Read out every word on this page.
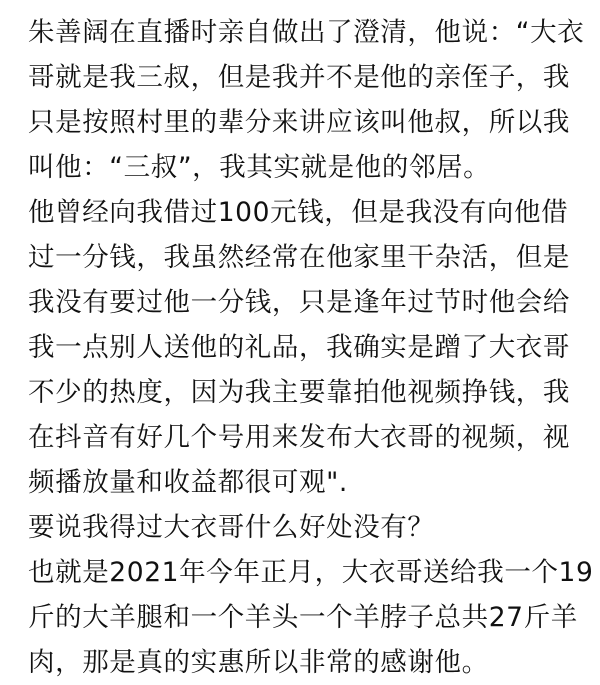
朱善阔在直播时亲自做出了澄清，他说：“大衣
哥就是我三叔，但是我并不是他的亲侄子，我
只是按照村里的辈分来讲应该叫他叔，所以我
叫他：“三叔”，我其实就是他的邻居。
他曾经向我借过100元钱，但是我没有向他借
过一分钱，我虽然经常在他家里干杂活，但是
我没有要过他一分钱，只是逢年过节时他会给
我一点别人送他的礼品，我确实是蹭了大衣哥
不少的热度，因为我主要靠拍他视频挣钱，我
在抖音有好几个号用来发布大衣哥的视频，视
频播放量和收益都很可观".
要说我得过大衣哥什么好处没有？
也就是2021年今年正月，大衣哥送给我一个19
斤的大羊腿和一个羊头一个羊脖子总共27斤羊
肉，那是真的实惠所以非常的感谢他。
